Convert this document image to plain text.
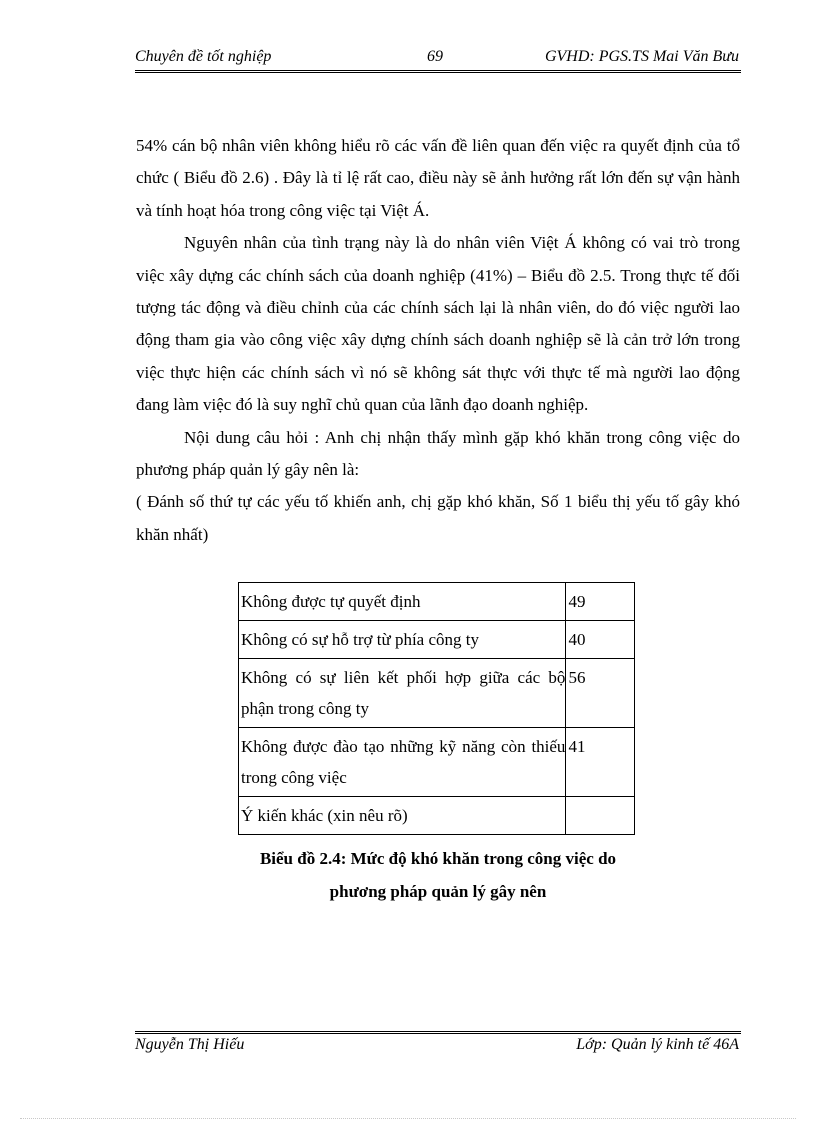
Chuyên đề tốt nghiệp	69	GVHD: PGS.TS Mai Văn Bưu

54% cán bộ nhân viên không hiểu rõ các vấn đề liên quan đến việc ra quyết định của tổ chức ( Biểu đồ 2.6) . Đây là tỉ lệ rất cao, điều này sẽ ảnh hưởng rất lớn đến sự vận hành và tính hoạt hóa trong công việc tại Việt Á.

Nguyên nhân của tình trạng này là do nhân viên Việt Á không có vai trò trong việc xây dựng các chính sách của doanh nghiệp (41%) – Biểu đồ 2.5. Trong thực tế đối tượng tác động và điều chỉnh của các chính sách lại là nhân viên, do đó việc người lao động tham gia vào công việc xây dựng chính sách doanh nghiệp sẽ là cản trở lớn trong việc thực hiện các chính sách vì nó sẽ không sát thực với thực tế mà người lao động đang làm việc đó là suy nghĩ chủ quan của lãnh đạo doanh nghiệp.

Nội dung câu hỏi : Anh chị nhận thấy mình gặp khó khăn trong công việc do phương pháp quản lý gây nên là:

( Đánh số thứ tự các yếu tố khiến anh, chị gặp khó khăn, Số 1 biểu thị yếu tố gây khó khăn nhất)

Không được tự quyết định	49
Không có sự hỗ trợ từ phía công ty	40
Không có sự liên kết phối hợp giữa các bộ phận trong công ty	56
Không được đào tạo những kỹ năng còn thiếu trong công việc	41
Ý kiến khác (xin nêu rõ)	
Biểu đồ 2.4: Mức độ khó khăn trong công việc do
phương pháp quản lý gây nên
Nguyễn Thị Hiếu	Lớp: Quản lý kinh tế 46A
